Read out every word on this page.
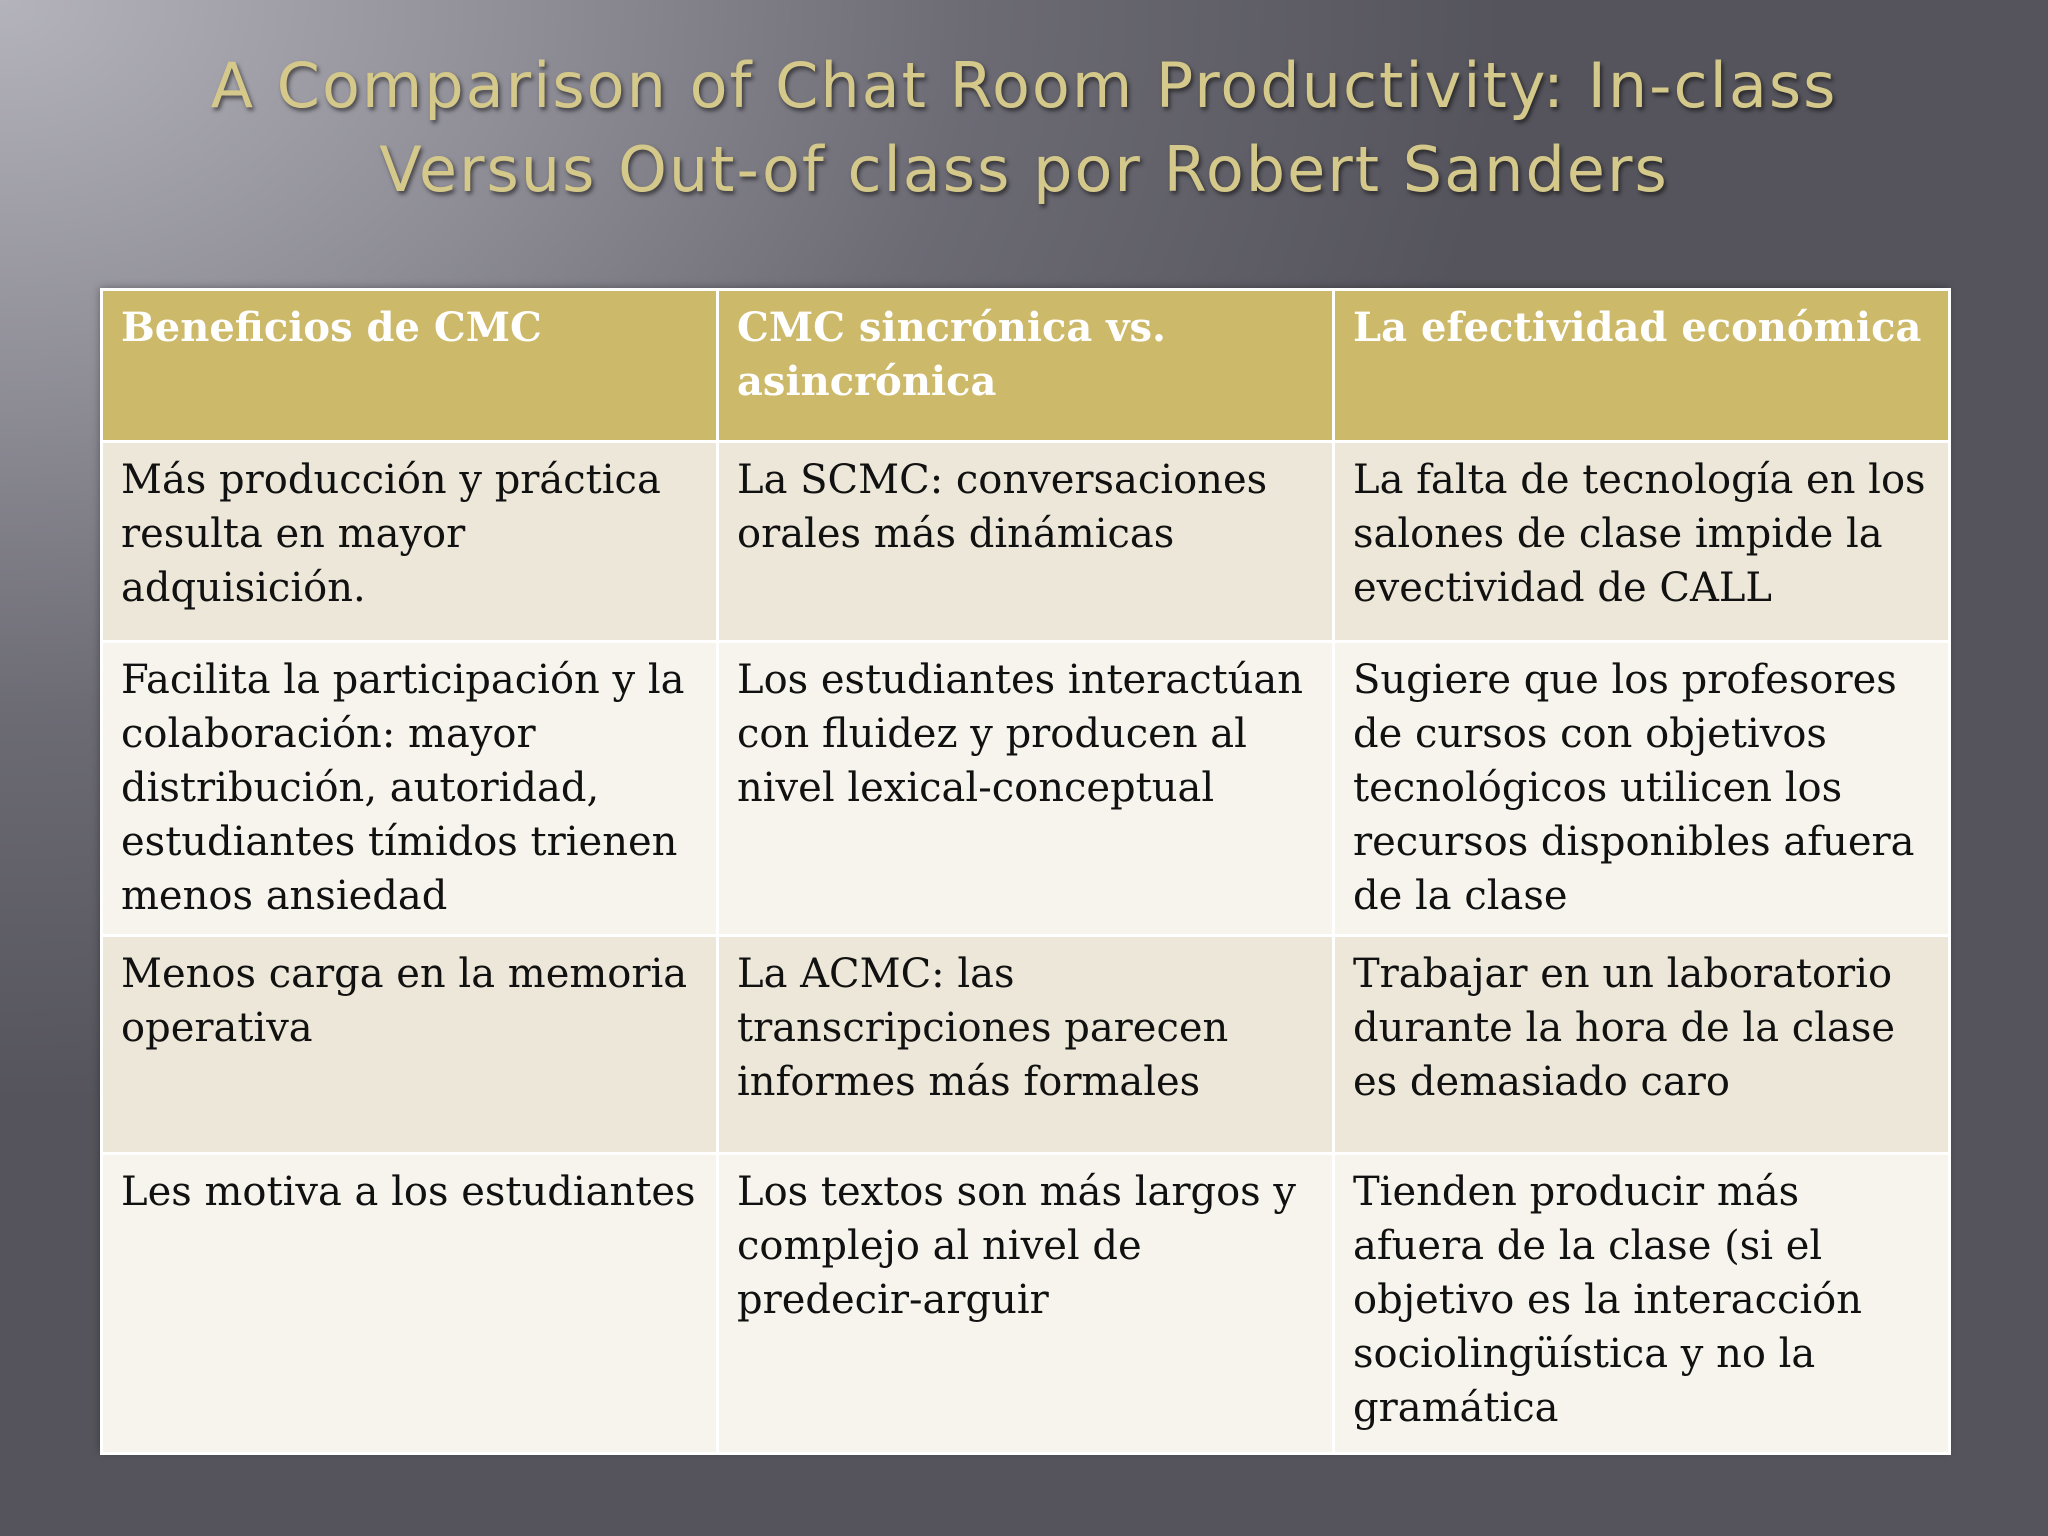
A Comparison of Chat Room Productivity: In-class
Versus Out-of class por Robert Sanders
Beneficios de CMC	CMC sincrónica vs. asincrónica	La efectividad económica
Más producción y práctica resulta en mayor adquisición.	La SCMC: conversaciones orales más dinámicas	La falta de tecnología en los salones de clase impide la evectividad de CALL
Facilita la participación y la colaboración: mayor distribución, autoridad, estudiantes tímidos trienen menos ansiedad	Los estudiantes interactúan con fluidez y producen al nivel lexical-conceptual	Sugiere que los profesores de cursos con objetivos tecnológicos utilicen los recursos disponibles afuera de la clase
Menos carga en la memoria operativa	La ACMC: las transcripciones parecen informes más formales	Trabajar en un laboratorio durante la hora de la clase es demasiado caro
Les motiva a los estudiantes	Los textos son más largos y complejo al nivel de predecir-arguir	Tienden producir más afuera de la clase (si el objetivo es la interacción sociolingüística y no la gramática
